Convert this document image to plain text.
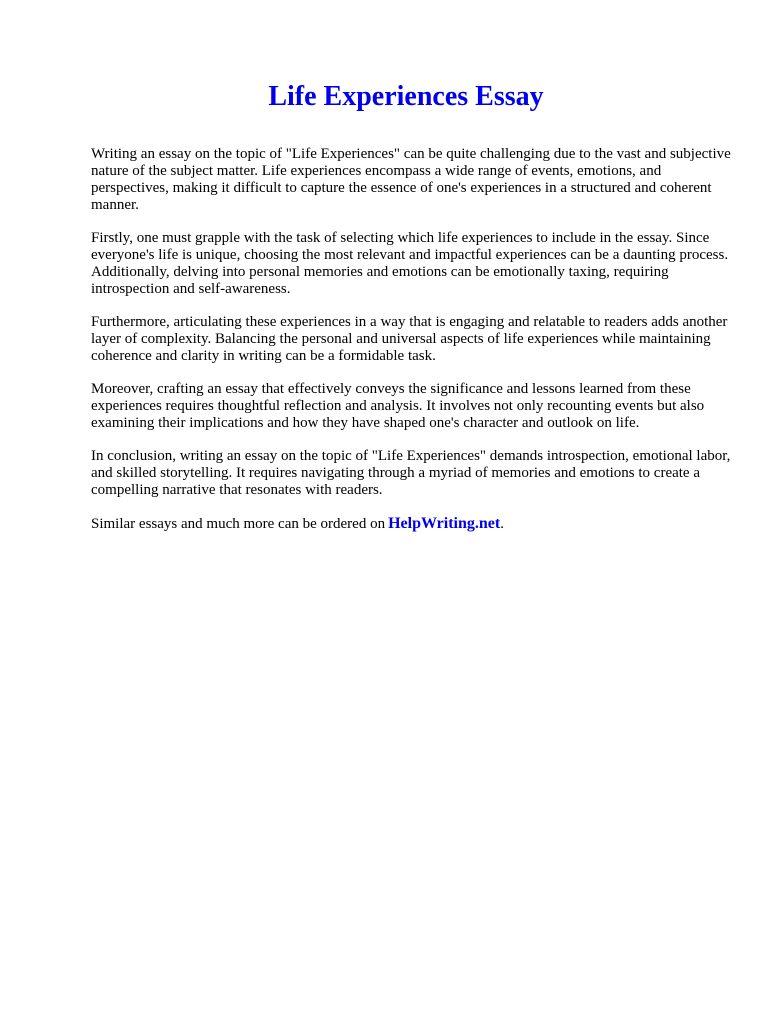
Life Experiences Essay

Writing an essay on the topic of "Life Experiences" can be quite challenging due to the vast and subjective nature of the subject matter. Life experiences encompass a wide range of events, emotions, and perspectives, making it difficult to capture the essence of one's experiences in a structured and coherent manner.

Firstly, one must grapple with the task of selecting which life experiences to include in the essay. Since everyone's life is unique, choosing the most relevant and impactful experiences can be a daunting process. Additionally, delving into personal memories and emotions can be emotionally taxing, requiring introspection and self-awareness.

Furthermore, articulating these experiences in a way that is engaging and relatable to readers adds another layer of complexity. Balancing the personal and universal aspects of life experiences while maintaining coherence and clarity in writing can be a formidable task.

Moreover, crafting an essay that effectively conveys the significance and lessons learned from these experiences requires thoughtful reflection and analysis. It involves not only recounting events but also examining their implications and how they have shaped one's character and outlook on life.

In conclusion, writing an essay on the topic of "Life Experiences" demands introspection, emotional labor, and skilled storytelling. It requires navigating through a myriad of memories and emotions to create a compelling narrative that resonates with readers.

Similar essays and much more can be ordered on HelpWriting.net.
